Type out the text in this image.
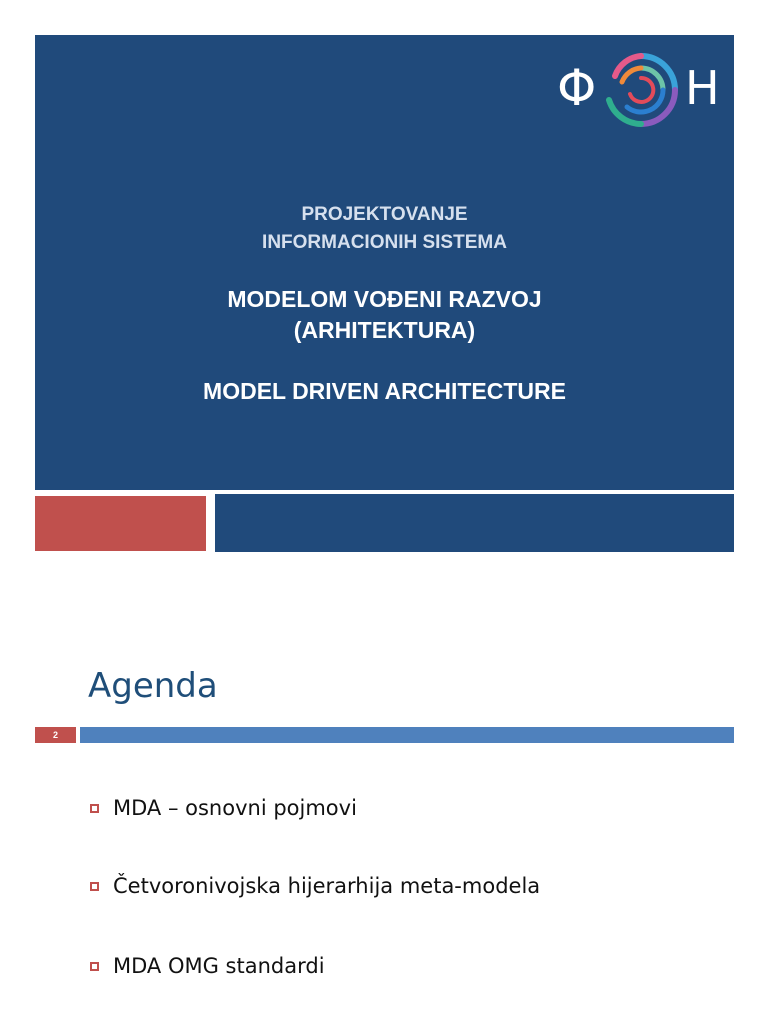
Φ Н
PROJEKTOVANJE
INFORMACIONIH SISTEMA
MODELOM VOĐENI RAZVOJ
(ARHITEKTURA)
MODEL DRIVEN ARCHITECTURE
Agenda
2
MDA – osnovni pojmovi
Četvoronivojska hijerarhija meta-modela
MDA OMG standardi
